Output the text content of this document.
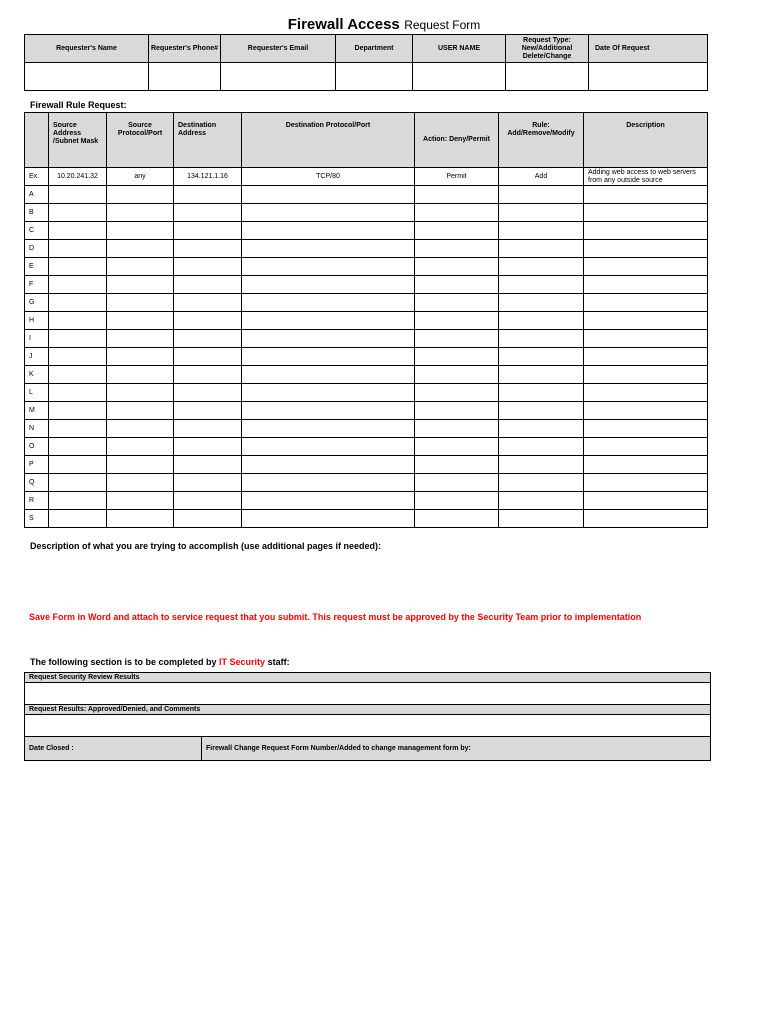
Firewall Access Request Form
Requester's Name	Requester's Phone#	Requester's Email	Department	USER NAME	Request Type: New/Additional Delete/Change	Date Of Request

Firewall Rule Request:
	Source Address /Subnet Mask	Source Protocol/Port	Destination Address	Destination Protocol/Port	Action: Deny/Permit	Rule: Add/Remove/Modify	Description
Ex.	10.20.241.32	any	134.121.1.16	TCP/80	Permit	Add	Adding web access to web servers from any outside source
A							
B							
C							
D							
E							
F							
G							
H							
I							
J							
K							
L							
M							
N							
O							
P							
Q							
R							
S							
Description of what you are trying to accomplish (use additional pages if needed):
Save Form in Word and attach to service request that you submit. This request must be approved by the Security Team prior to implementation
The following section is to be completed by IT Security staff:
Request Security Review Results

Request Results: Approved/Denied, and Comments

Date Closed :	Firewall Change Request Form Number/Added to change management form by:
